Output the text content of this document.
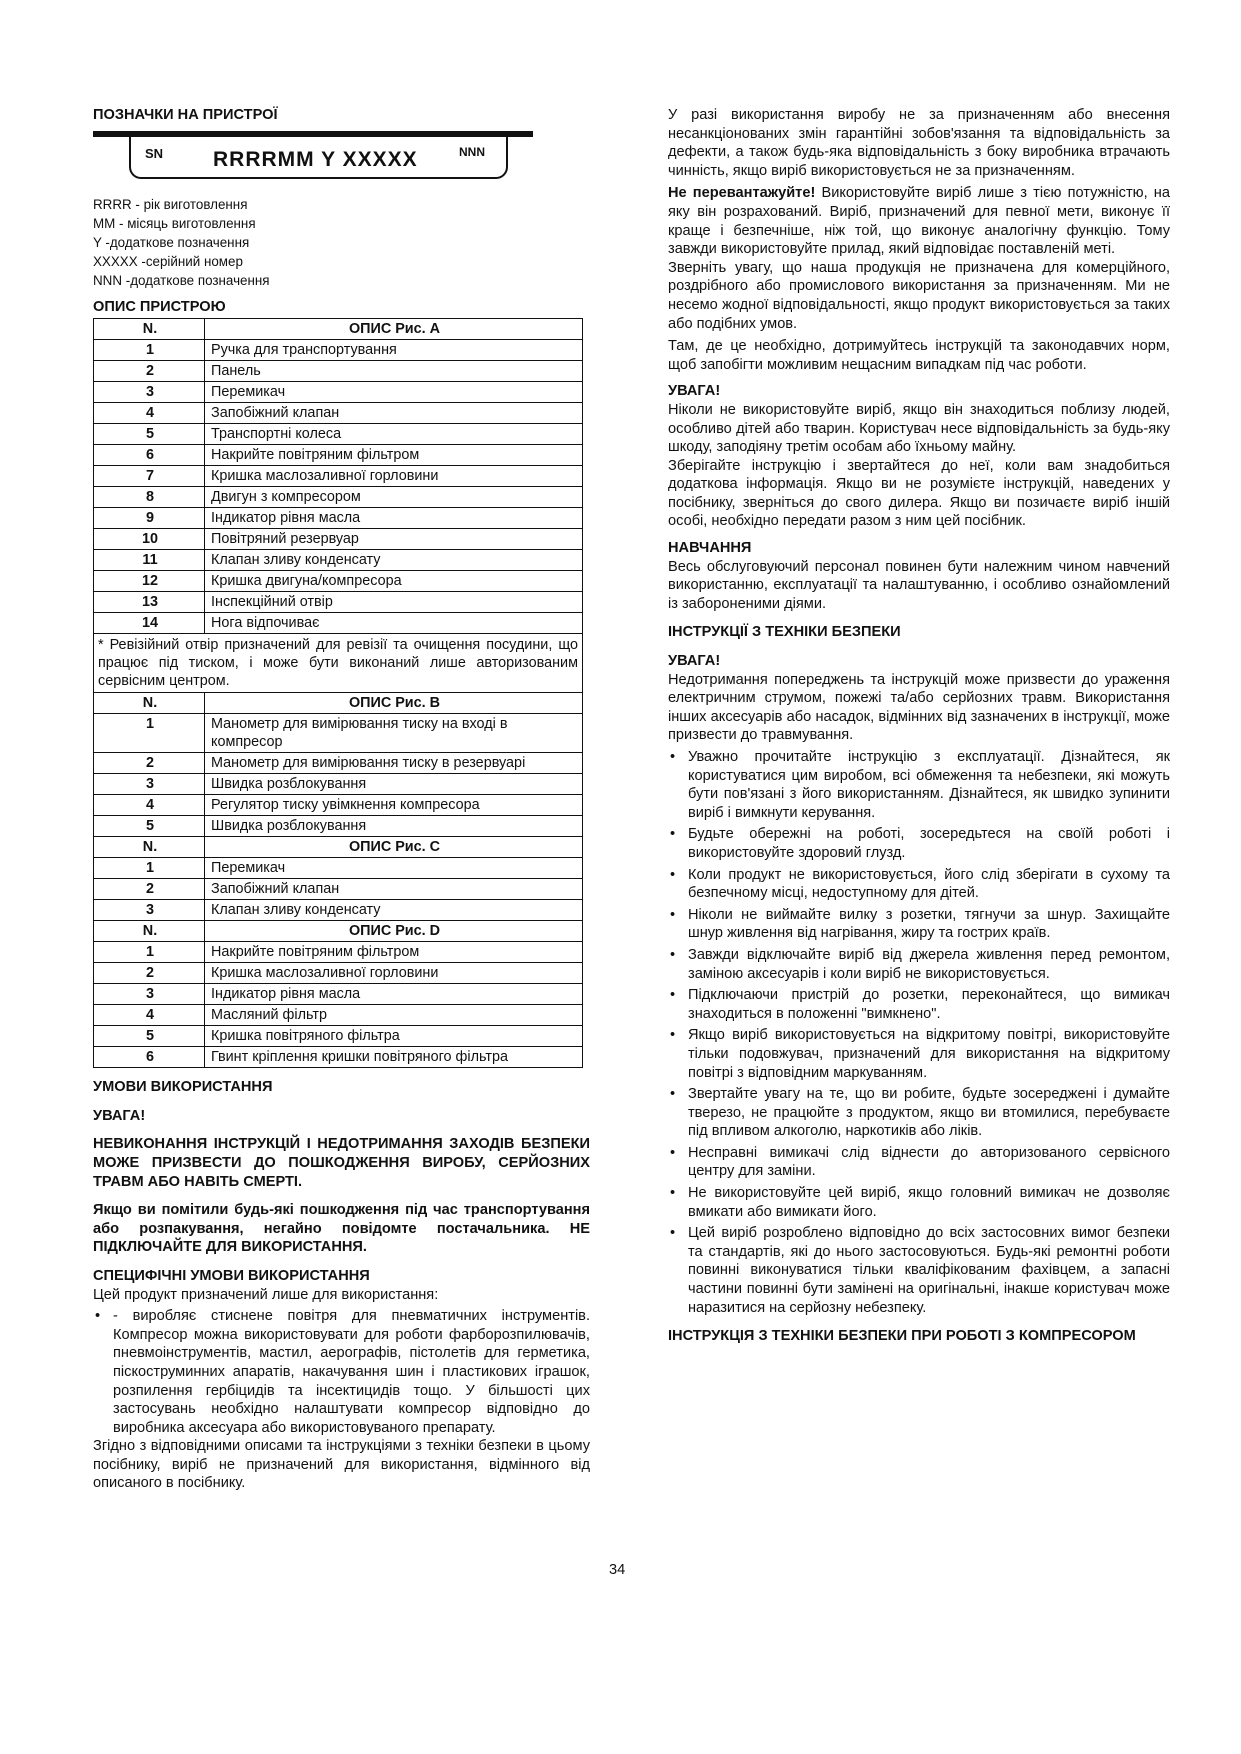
ПОЗНАЧКИ НА ПРИСТРОЇ

SN RRRRMM Y XXXXX	NNN
RRRR - рік виготовлення
MM - місяць виготовлення
Y -додаткове позначення
XXXXX -серійний номер
NNN -додаткове позначення

ОПИС ПРИСТРОЮ

N.	ОПИС Рис. A
1	Ручка для транспортування
2	Панель
3	Перемикач
4	Запобіжний клапан
5	Транспортні колеса
6	Накрийте повітряним фільтром
7	Кришка маслозаливної горловини
8	Двигун з компресором
9	Індикатор рівня масла
10	Повітряний резервуар
11	Клапан зливу конденсату
12	Кришка двигуна/компресора
13	Інспекційний отвір
14	Нога відпочиває
* Ревізійний отвір призначений для ревізії та очищення посудини, що працює під тиском, і може бути виконаний лише авторизованим сервісним центром.	
N.	ОПИС Рис. B
1	Манометр для вимірювання тиску на вході в компресор
2	Манометр для вимірювання тиску в резервуарі
3	Швидка розблокування
4	Регулятор тиску увімкнення компресора
5	Швидка розблокування
N.	ОПИС Рис. C
1	Перемикач
2	Запобіжний клапан
3	Клапан зливу конденсату
N.	ОПИС Рис. D
1	Накрийте повітряним фільтром
2	Кришка маслозаливної горловини
3	Індикатор рівня масла
4	Масляний фільтр
5	Кришка повітряного фільтра
6	Гвинт кріплення кришки повітряного фільтра

УМОВИ ВИКОРИСТАННЯ

УВАГА!

НЕВИКОНАННЯ ІНСТРУКЦІЙ І НЕДОТРИМАННЯ ЗАХОДІВ БЕЗПЕКИ МОЖЕ ПРИЗВЕСТИ ДО ПОШКОДЖЕННЯ ВИРОБУ, СЕРЙОЗНИХ ТРАВМ АБО НАВІТЬ СМЕРТІ.

Якщо ви помітили будь-які пошкодження під час транспортування або розпакування, негайно повідомте постачальника. НЕ ПІДКЛЮЧАЙТЕ ДЛЯ ВИКОРИСТАННЯ.

СПЕЦИФІЧНІ УМОВИ ВИКОРИСТАННЯ

Цей продукт призначений лише для використання:

• - виробляє стиснене повітря для пневматичних інструментів. Компресор можна використовувати для роботи фарборозпилювачів, пневмоінструментів, мастил, аерографів, пістолетів для герметика, піскоструминних апаратів, накачування шин і пластикових іграшок, розпилення гербіцидів та інсектицидів тощо. У більшості цих застосувань необхідно налаштувати компресор відповідно до виробника аксесуара або використовуваного препарату.

Згідно з відповідними описами та інструкціями з техніки безпеки в цьому посібнику, виріб не призначений для використання, відмінного від описаного в посібнику.

У разі використання виробу не за призначенням або внесення несанкціонованих змін гарантійні зобов'язання та відповідальність за дефекти, а також будь-яка відповідальність з боку виробника втрачають чинність, якщо виріб використовується не за призначенням.

Не перевантажуйте! Використовуйте виріб лише з тією потужністю, на яку він розрахований. Виріб, призначений для певної мети, виконує її краще і безпечніше, ніж той, що виконує аналогічну функцію. Тому завжди використовуйте прилад, який відповідає поставленій меті.

Зверніть увагу, що наша продукція не призначена для комерційного, роздрібного або промислового використання за призначенням. Ми не несемо жодної відповідальності, якщо продукт використовується за таких або подібних умов.

Там, де це необхідно, дотримуйтесь інструкцій та законодавчих норм, щоб запобігти можливим нещасним випадкам під час роботи.

УВАГА!

Ніколи не використовуйте виріб, якщо він знаходиться поблизу людей, особливо дітей або тварин. Користувач несе відповідальність за будь-яку шкоду, заподіяну третім особам або їхньому майну.

Зберігайте інструкцію і звертайтеся до неї, коли вам знадобиться додаткова інформація. Якщо ви не розумієте інструкцій, наведених у посібнику, зверніться до свого дилера. Якщо ви позичаєте виріб іншій особі, необхідно передати разом з ним цей посібник.

НАВЧАННЯ

Весь обслуговуючий персонал повинен бути належним чином навчений використанню, експлуатації та налаштуванню, і особливо ознайомлений із забороненими діями.

ІНСТРУКЦІЇ З ТЕХНІКИ БЕЗПЕКИ

УВАГА!

Недотримання попереджень та інструкцій може призвести до ураження електричним струмом, пожежі та/або серйозних травм. Використання інших аксесуарів або насадок, відмінних від зазначених в інструкції, може призвести до травмування.

• Уважно прочитайте інструкцію з експлуатації. Дізнайтеся, як користуватися цим виробом, всі обмеження та небезпеки, які можуть бути пов'язані з його використанням. Дізнайтеся, як швидко зупинити виріб і вимкнути керування.
• Будьте обережні на роботі, зосередьтеся на своїй роботі і використовуйте здоровий глузд.
• Коли продукт не використовується, його слід зберігати в сухому та безпечному місці, недоступному для дітей.
• Ніколи не виймайте вилку з розетки, тягнучи за шнур. Захищайте шнур живлення від нагрівання, жиру та гострих країв.
• Завжди відключайте виріб від джерела живлення перед ремонтом, заміною аксесуарів і коли виріб не використовується.
• Підключаючи пристрій до розетки, переконайтеся, що вимикач знаходиться в положенні "вимкнено".
• Якщо виріб використовується на відкритому повітрі, використовуйте тільки подовжувач, призначений для використання на відкритому повітрі з відповідним маркуванням.
• Звертайте увагу на те, що ви робите, будьте зосереджені і думайте тверезо, не працюйте з продуктом, якщо ви втомилися, перебуваєте під впливом алкоголю, наркотиків або ліків.
• Несправні вимикачі слід віднести до авторизованого сервісного центру для заміни.
• Не використовуйте цей виріб, якщо головний вимикач не дозволяє вмикати або вимикати його.
• Цей виріб розроблено відповідно до всіх застосовних вимог безпеки та стандартів, які до нього застосовуються. Будь-які ремонтні роботи повинні виконуватися тільки кваліфікованим фахівцем, а запасні частини повинні бути замінені на оригінальні, інакше користувач може наразитися на серйозну небезпеку.

ІНСТРУКЦІЯ З ТЕХНІКИ БЕЗПЕКИ ПРИ РОБОТІ З КОМПРЕСОРОМ

34
